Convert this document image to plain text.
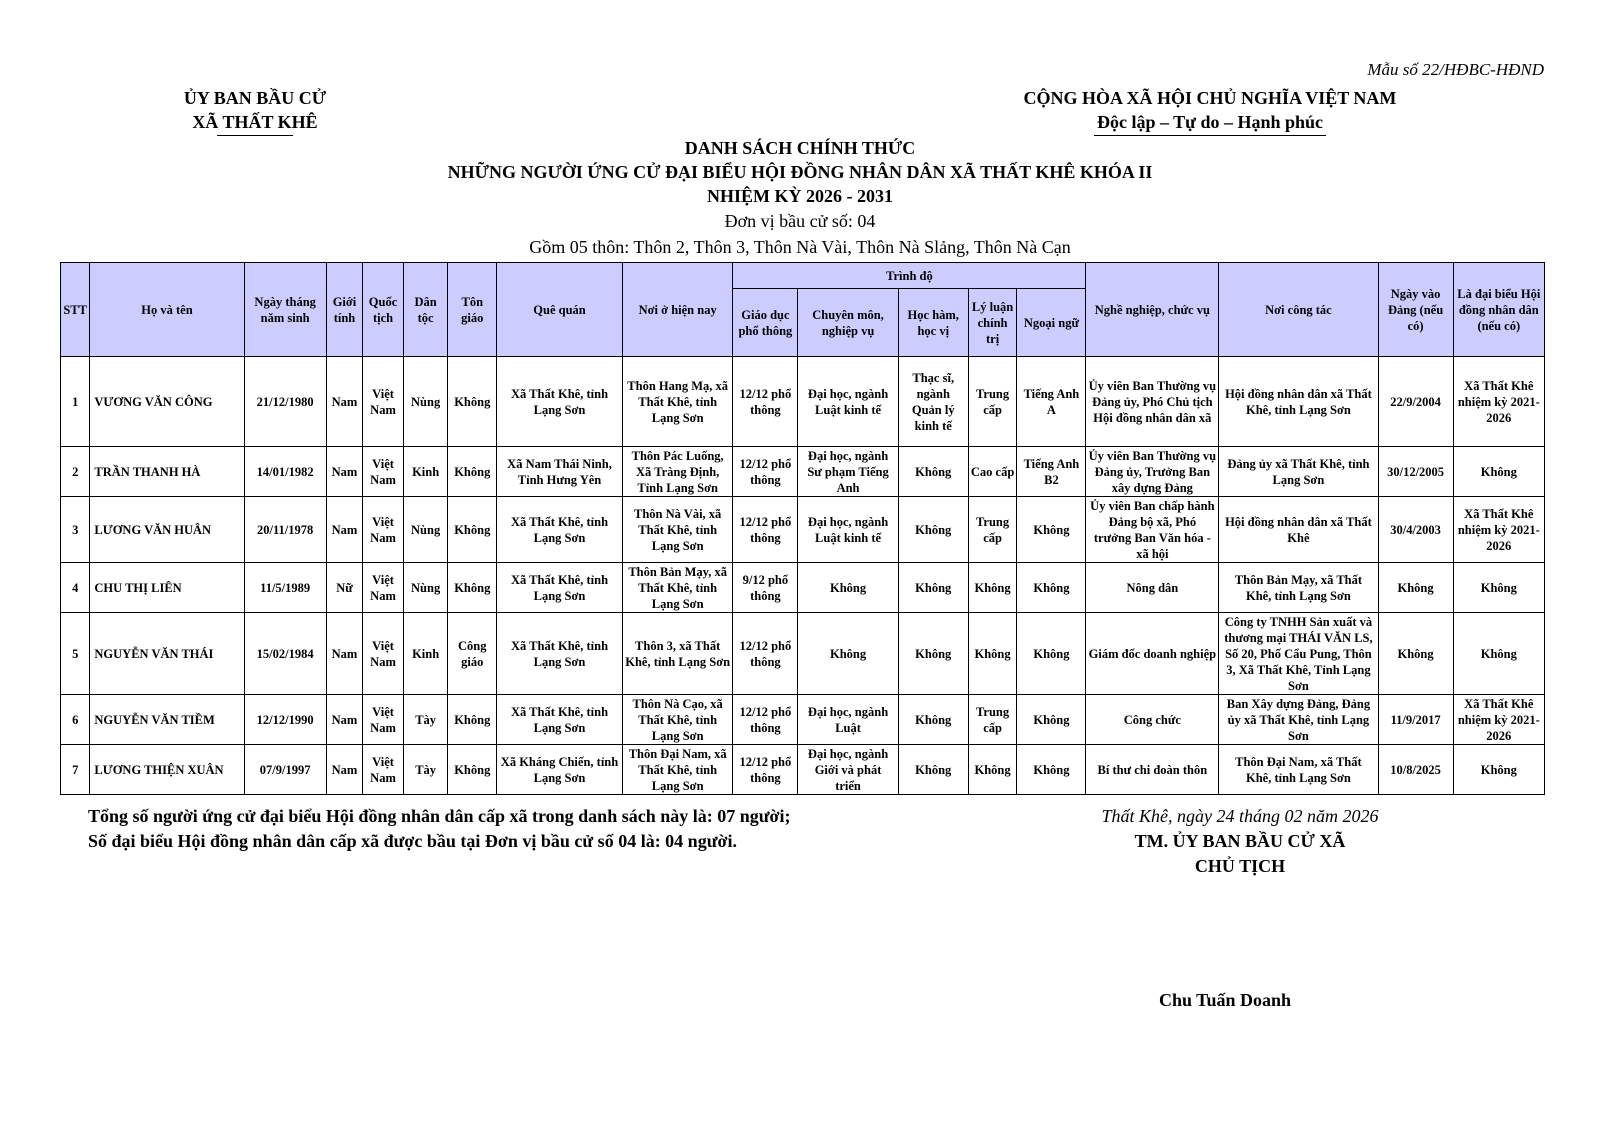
Mẫu số 22/HĐBC-HĐND
ỦY BAN BẦU CỬ
XÃ THẤT KHÊ
CỘNG HÒA XÃ HỘI CHỦ NGHĨA VIỆT NAM
Độc lập – Tự do – Hạnh phúc
DANH SÁCH CHÍNH THỨC
NHỮNG NGƯỜI ỨNG CỬ ĐẠI BIỂU HỘI ĐỒNG NHÂN DÂN XÃ THẤT KHÊ KHÓA II
NHIỆM KỲ 2026 - 2031
Đơn vị bầu cử số: 04
Gồm 05 thôn: Thôn 2, Thôn 3, Thôn Nà Vài, Thôn Nà Slảng, Thôn Nà Cạn
STT	Họ và tên	Ngày tháng năm sinh	Giới tính	Quốc tịch	Dân tộc	Tôn giáo	Quê quán	Nơi ở hiện nay	Trình độ					Nghề nghiệp, chức vụ	Nơi công tác	Ngày vào Đảng (nếu có)	Là đại biểu Hội đồng nhân dân (nếu có)
									Giáo dục phổ thông	Chuyên môn, nghiệp vụ	Học hàm, học vị	Lý luận chính trị	Ngoại ngữ				
1	VƯƠNG VĂN CÔNG	21/12/1980	Nam	Việt Nam	Nùng	Không	Xã Thất Khê, tỉnh Lạng Sơn	Thôn Hang Mạ, xã Thất Khê, tỉnh Lạng Sơn	12/12 phổ thông	Đại học, ngành Luật kinh tế	Thạc sĩ, ngành Quản lý kinh tế	Trung cấp	Tiếng Anh A	Ủy viên Ban Thường vụ Đảng ủy, Phó Chủ tịch Hội đồng nhân dân xã	Hội đồng nhân dân xã Thất Khê, tỉnh Lạng Sơn	22/9/2004	Xã Thất Khê nhiệm kỳ 2021-2026
2	TRẦN THANH HÀ	14/01/1982	Nam	Việt Nam	Kinh	Không	Xã Nam Thái Ninh, Tỉnh Hưng Yên	Thôn Pác Luống, Xã Tràng Định, Tỉnh Lạng Sơn	12/12 phổ thông	Đại học, ngành Sư phạm Tiếng Anh	Không	Cao cấp	Tiếng Anh B2	Ủy viên Ban Thường vụ Đảng ủy, Trưởng Ban xây dựng Đảng	Đảng ủy xã Thất Khê, tỉnh Lạng Sơn	30/12/2005	Không
3	LƯƠNG VĂN HUÂN	20/11/1978	Nam	Việt Nam	Nùng	Không	Xã Thất Khê, tỉnh Lạng Sơn	Thôn Nà Vài, xã Thất Khê, tỉnh Lạng Sơn	12/12 phổ thông	Đại học, ngành Luật kinh tế	Không	Trung cấp	Không	Ủy viên Ban chấp hành Đảng bộ xã, Phó trưởng Ban Văn hóa - xã hội	Hội đồng nhân dân xã Thất Khê	30/4/2003	Xã Thất Khê nhiệm kỳ 2021-2026
4	CHU THỊ LIÊN	11/5/1989	Nữ	Việt Nam	Nùng	Không	Xã Thất Khê, tỉnh Lạng Sơn	Thôn Bản Mạy, xã Thất Khê, tỉnh Lạng Sơn	9/12 phổ thông	Không	Không	Không	Không	Nông dân	Thôn Bản Mạy, xã Thất Khê, tỉnh Lạng Sơn	Không	Không
5	NGUYỄN VĂN THÁI	15/02/1984	Nam	Việt Nam	Kinh	Công giáo	Xã Thất Khê, tỉnh Lạng Sơn	Thôn 3, xã Thất Khê, tỉnh Lạng Sơn	12/12 phổ thông	Không	Không	Không	Không	Giám đốc doanh nghiệp	Công ty TNHH Sản xuất và thương mại THÁI VĂN LS, Số 20, Phố Cẩu Pung, Thôn 3, Xã Thất Khê, Tỉnh Lạng Sơn	Không	Không
6	NGUYỄN VĂN TIỀM	12/12/1990	Nam	Việt Nam	Tày	Không	Xã Thất Khê, tỉnh Lạng Sơn	Thôn Nà Cạo, xã Thất Khê, tỉnh Lạng Sơn	12/12 phổ thông	Đại học, ngành Luật	Không	Trung cấp	Không	Công chức	Ban Xây dựng Đảng, Đảng ủy xã Thất Khê, tỉnh Lạng Sơn	11/9/2017	Xã Thất Khê nhiệm kỳ 2021-2026
7	LƯƠNG THIỆN XUÂN	07/9/1997	Nam	Việt Nam	Tày	Không	Xã Kháng Chiến, tỉnh Lạng Sơn	Thôn Đại Nam, xã Thất Khê, tỉnh Lạng Sơn	12/12 phổ thông	Đại học, ngành Giới và phát triển	Không	Không	Không	Bí thư chi đoàn thôn	Thôn Đại Nam, xã Thất Khê, tỉnh Lạng Sơn	10/8/2025	Không
Tổng số người ứng cử đại biểu Hội đồng nhân dân cấp xã trong danh sách này là: 07 người;
Số đại biểu Hội đồng nhân dân cấp xã được bầu tại Đơn vị bầu cử số 04 là: 04 người.
Thất Khê, ngày 24 tháng 02 năm 2026
TM. ỦY BAN BẦU CỬ XÃ
CHỦ TỊCH
Chu Tuấn Doanh
